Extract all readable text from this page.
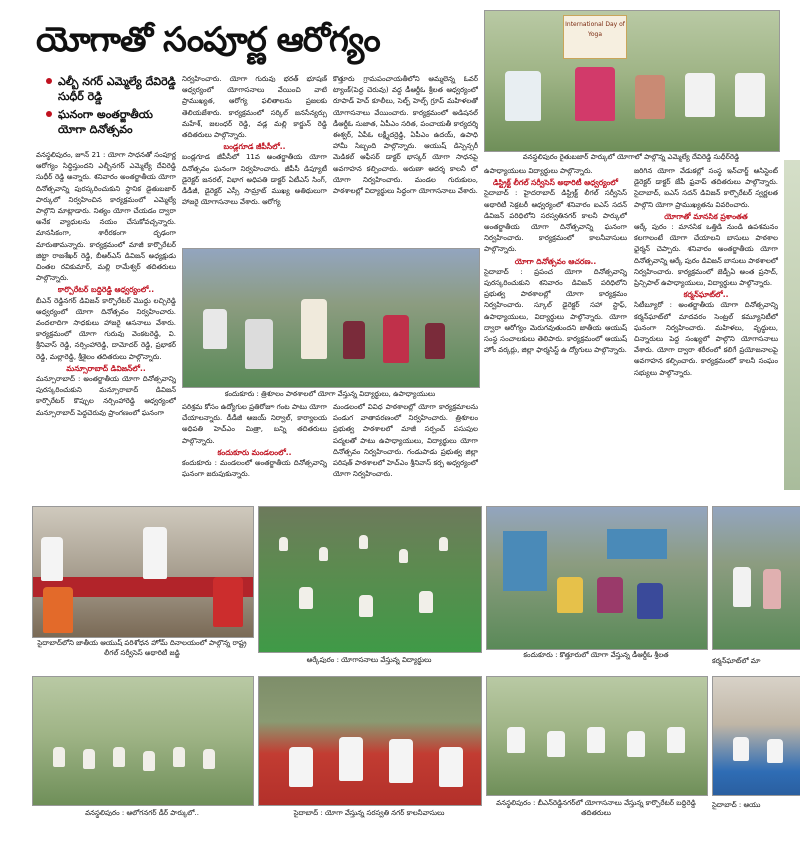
యోగాతో సంపూర్ణ ఆరోగ్యం
ఎల్బీ నగర్ ఎమ్మెల్యే దేవిరెడ్డి సుధీర్ రెడ్డి
ఘనంగా అంతర్జాతీయ యోగా దినోత్సవం

వనస్థలిపురం, జూన్ 21 : యోగా సాధనతో సంపూర్ణ ఆరోగ్యం సిద్ధిస్తుందని ఎల్బీనగర్ ఎమ్మెల్యే దేవిరెడ్డి సుధీర్ రెడ్డి అన్నారు. శనివారం అంతర్జాతీయ యోగా దినోత్సవాన్ని పురస్కరించుకుని స్థానిక డైతుబజార్ పార్కులో నిర్వహించిన కార్యక్రమంలో ఎమ్మెల్యే పాల్గొని మాట్లాడారు. నిత్యం యోగా చేయడం ద్వారా అనేక వ్యాధులను నయం చేసుకోవచ్చన్నారు. మానసికంగా, శారీరకంగా దృఢంగా మారుతామన్నారు. కార్యక్రమంలో మాజీ కార్పొరేటర్ జిట్టా రాజశేఖర్ రెడ్డి, బీఆర్ఎస్ డివిజన్ అధ్యక్షుడు చింతల రవికుమార్, మల్లి రామేశ్వర్ తదితరులు పాల్గొన్నారు.

కార్పొరేటర్ బద్దిరెడ్డి ఆధ్వర్యంలో..

బీఎన్ రెడ్డినగర్ డివిజన్ కార్పొరేటర్ మొద్దు లచ్చిరెడ్డి ఆధ్వర్యంలో యోగా దినోత్సవం నిర్వహించారు. వందలాదిగా సాధకులు హాజరై ఆసనాలు వేశారు. కార్యక్రమంలో యోగా గురువు వెంకటరెడ్డి, వి. శ్రీనివాస్ రెడ్డి, నర్సింహారెడ్డి, దామోదర్ రెడ్డి, ప్రభాకర్ రెడ్డి, మల్లారెడ్డి, శ్రీశైలం తదితరులు పాల్గొన్నారు.

మన్సూరాబాద్ డివిజన్‌లో..

మన్సూరాబాద్ : అంతర్జాతీయ యోగా దినోత్సవాన్ని పురస్కరించుకుని మన్సూరాబాద్ డివిజన్ కార్పొరేటర్ కొప్పుల నర్సింహారెడ్డి ఆధ్వర్యంలో మన్సూరాబాద్ పెద్దచెరువు ప్రాంగణంలో ఘనంగా

నిర్వహించారు. యోగా గురువు భరత్ భూషణ్ ఆధ్వర్యంలో యోగాసనాలు వేయించి వాటి ప్రాముఖ్యత, ఆరోగ్య ఫలితాలను ప్రజలకు తెలియజేశారు. కార్యక్రమంలో సర్కిల్ జనసేన్యర్సు మహేశ్, జలంధర్ రెడ్డి, వడ్ల మల్లి కార్జున్ రెడ్డి తదితరులు పాల్గొన్నారు.

బండ్లగూడ జీపీసీలో..

బండ్లగూడ జీపీసీలో 11వ అంతర్జాతీయ యోగా దినోత్సవం ఘనంగా నిర్వహించారు. జీపీసీ డిప్యూటీ డైరెక్టర్ జనరల్, విభాగ అధిపతి డాక్టర్ ఏటీఎస్ సింగ్, డీడీజీ, డైరెక్టర్ ఎస్సీ సామ్రాట్ ముఖ్య అతిథులుగా హాజరై యోగాసనాలు వేశారు. ఆరోగ్య

కొత్తూరు గ్రామపంచాయతీలోని ఆమ్మలెన్న ఓవర్ ట్యాంక్(పెద్ద చెరువు) వద్ద డీఆర్డీఓ శ్రీలత ఆధ్వర్యంలో రూపాడ్ హెచ్ కూలీలు, సెల్ఫ్ హెల్ప్ గ్రూప్ మహిళలతో యోగాసనాలు వేయించారు. కార్యక్రమంలో అడిషనల్ డీఆర్డీఓ సుజాత, ఏపీఎం సరిత, పంచాయతీ కార్యదర్శి ఈశ్వర్, ఏపీఓ లక్ష్మీదర్రెడ్డి, ఏపీఎం ఉదయ్, ఉపాధి హామీ సిబ్బంది పాల్గొన్నారు. ఆయుష్ డిస్పెన్సరీ మెడికల్ ఆఫీసర్ డాక్టర్ భాస్కర్ యోగా సాధనపై అవగాహన కల్పించారు. అరుణా ఆదర్శ కాలనీ లో యోగా నిర్వహించారు. మండల గురుకులం, పాఠశాలల్లో విద్యార్థులు సిద్ధంగా యోగాసనాలు వేశారు.

కందుకూరు : త్రిశూలం పాఠశాలలో యోగా వేస్తున్న విద్యార్థులు, ఉపాధ్యాయులు

పరిశ్రమ కోసం ఉద్యోగుల ప్రతిరోజూ గంట పాటు యోగా చేయాలన్నారు. డీడీజీ ఆజయ్ నిర్వాల్, కార్యాలయ అధిపతి హెచ్ఎం మిత్రా, బన్ని తదితరులు పాల్గొన్నారు.

కందుకూరు మండలంలో..

కందుకూరు : మండలంలో అంతర్జాతీయ దినోత్సవాన్ని ఘనంగా జరుపుకున్నారు.

మండలంలో వివిధ పాఠశాలల్లో యోగా కార్యక్రమాలను పండుగ వాతావరణంలో నిర్వహించారు. త్రిశూలం ప్రభుత్వ పాఠశాలలో మాజీ సర్పంచ్ పసుపుల పద్మలతో పాటు ఉపాధ్యాయులు, విద్యార్థులు యోగా దినోత్సవం నిర్వహించారు. గండుపాడు ప్రభుత్వ జిల్లా పరిషత్ పాఠశాలలో హెచ్ఎం శ్రీనివాస్ కర్ప అధ్వర్యంలో యోగా నిర్వహించారు.

International Day of Yoga
వనస్థలిపురం రైతుబజార్ పార్కులో యోగాలో పాల్గొన్న ఎమ్మెల్యే దేవిరెడ్డి సుధీర్‌రెడ్డి

ఉపాధ్యాయులు విద్యార్థులు పాల్గొన్నారు.

డిస్ట్రిక్ట్ లీగల్ సర్వీసెస్ అథారిటీ ఆధ్వర్యంలో

సైదాబాద్ : హైదరాబాద్ డిస్ట్రిక్ట్ లీగల్ సర్వీసెస్ అథారిటీ సెక్రటరీ ఆధ్వర్యంలో శనివారం ఐఎస్ సదన్ డివిజన్ పరిధిలోని సరస్వతినగర్ కాలనీ పార్కులో అంతర్జాతీయ యోగా దినోత్సవాన్ని ఘనంగా నిర్వహించారు. కార్యక్రమంలో కాలనీవాసులు పాల్గొన్నారు.

యోగా దినోత్సవం ఆచరణ..

సైదాబాద్ : ప్రపంచ యోగా దినోత్సవాన్ని పురస్కరించుకుని శనివారం డివిజన్ పరిధిలోని ప్రభుత్వ పాఠశాలల్లో యోగా కార్యక్రమం నిర్వహించారు. స్కూల్ డైరెక్టర్ సహా స్టాఫ్, ఉపాధ్యాయులు, విద్యార్థులు పాల్గొన్నారు. యోగా ద్వారా ఆరోగ్యం మెరుగవుతుందని జాతీయ ఆయుష్ సంస్థ సంచాలకులు తెలిపారు. కార్యక్రమంలో ఆయుష్ హోం వర్కర్లు, జిల్లా ఫార్మసిస్ట్ ఉ ద్యోగులు పాల్గొన్నారు.

జరిగిన యోగా వేడుకల్లో సంస్థ ఇన్‌చార్జ్ ఆసిస్టెంట్ డైరెక్టర్ డాక్టర్ జేపీ ఫ్రవాప్ తదితరులు పాల్గొన్నారు. సైదాబాద్, ఐఎస్ సదన్ డివిజన్ కార్పొరేటర్ స్వర్ణలత పాల్గొని యోగా ప్రాముఖ్యతను వివరించారు.

యోగాతో మానసిక ప్రశాంతత

ఆర్కే పురం : మానసిక ఒత్తిడి నుండి ఉపశమనం కలగాలంటే యోగా చేయాలని బాసులు పాఠశాల ఛైర్మన్ చెప్పారు. శనివారం అంతర్జాతీయ యోగా దినోత్సవాన్ని ఆర్కే పురం డివిజన్ బాసులు పాఠశాలలో నిర్వహించారు. కార్యక్రమంలో జెడ్పీఏ అంత ప్రసాద్, ప్రిన్సిపాల్ ఉపాధ్యాయులు, విద్యార్థులు పాల్గొన్నారు.

కర్మన్‌ఘాట్‌లో..

సిటీబ్యూరో : అంతర్జాతీయ యోగా దినోత్సవాన్ని కర్మన్‌ఘాట్‌లో మాదవరం సెంట్రల్ కమ్యూనిటీలో ఘనంగా నిర్వహించారు. మహిళలు, వృద్ధులు, చిన్నారులు పెద్ద సంఖ్యలో పాల్గొని యోగాసనాలు వేశారు. యోగా ద్వారా శరీరంలో కలిగే ప్రయోజనాలపై అవగాహన కల్పించారు. కార్యక్రమంలో కాలనీ సంఘం సభ్యులు పాల్గొన్నారు.

సైదాబాద్‌లోని జాతీయ ఆయుష్ పరిశోధన హోమ్ దినాలయంలో పాల్గొన్న రాష్ట్ర లీగల్ సర్వీసెస్ అథారిటీ జడ్జి
ఆర్కేపురం : యోగాసనాలు వేస్తున్న విద్యార్థులు
కందుకూరు : కొత్తూరులో యోగా వేస్తున్న డీఆర్డీఓ శ్రీలత
కర్మన్‌ఘాట్‌లో మా
వనస్థలిపురం : ఆలోగనగర్ డీర్ పార్కులో..	సైదాబాద్ : యోగా వేస్తున్న సరస్వతి నగర్ కాలనీవాసులు
వనస్థలిపురం : బీఎన్‌రెడ్డినగర్‌లో యోగాసనాలు వేస్తున్న కార్పొరేటర్ బద్దిరెడ్డి తదితరులు
సైదాబాద్ : ఆయు
